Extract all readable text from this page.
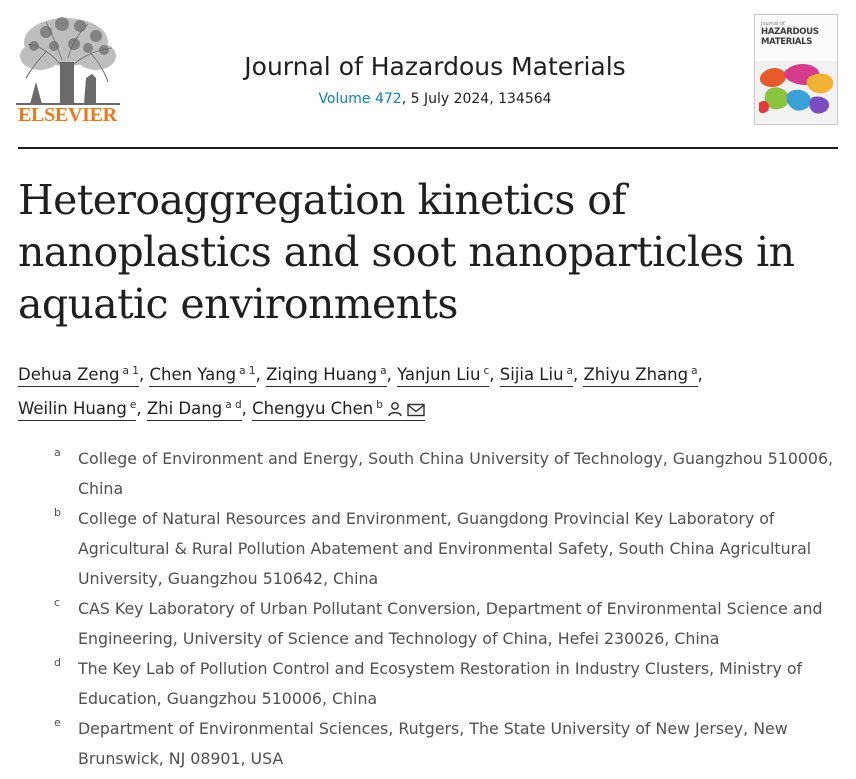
ELSEVIER
Journal of Hazardous Materials
Volume 472, 5 July 2024, 134564
Journal of
HAZARDOUS
MATERIALS
Heteroaggregation kinetics of nanoplastics and soot nanoparticles in aquatic environments
Dehua Zeng $^{a 1}$, Chen Yang $^{a 1}$, Ziqing Huang $^a$, Yanjun Liu $^c$, Sijia Liu $^a$, Zhiyu Zhang $^a$,
Weilin Huang $^e$, Zhi Dang $^{a d}$, Chengyu Chen $^b$
a College of Environment and Energy, South China University of Technology, Guangzhou 510006, China
b College of Natural Resources and Environment, Guangdong Provincial Key Laboratory of Agricultural & Rural Pollution Abatement and Environmental Safety, South China Agricultural University, Guangzhou 510642, China
c CAS Key Laboratory of Urban Pollutant Conversion, Department of Environmental Science and Engineering, University of Science and Technology of China, Hefei 230026, China
d The Key Lab of Pollution Control and Ecosystem Restoration in Industry Clusters, Ministry of Education, Guangzhou 510006, China
e Department of Environmental Sciences, Rutgers, The State University of New Jersey, New Brunswick, NJ 08901, USA
